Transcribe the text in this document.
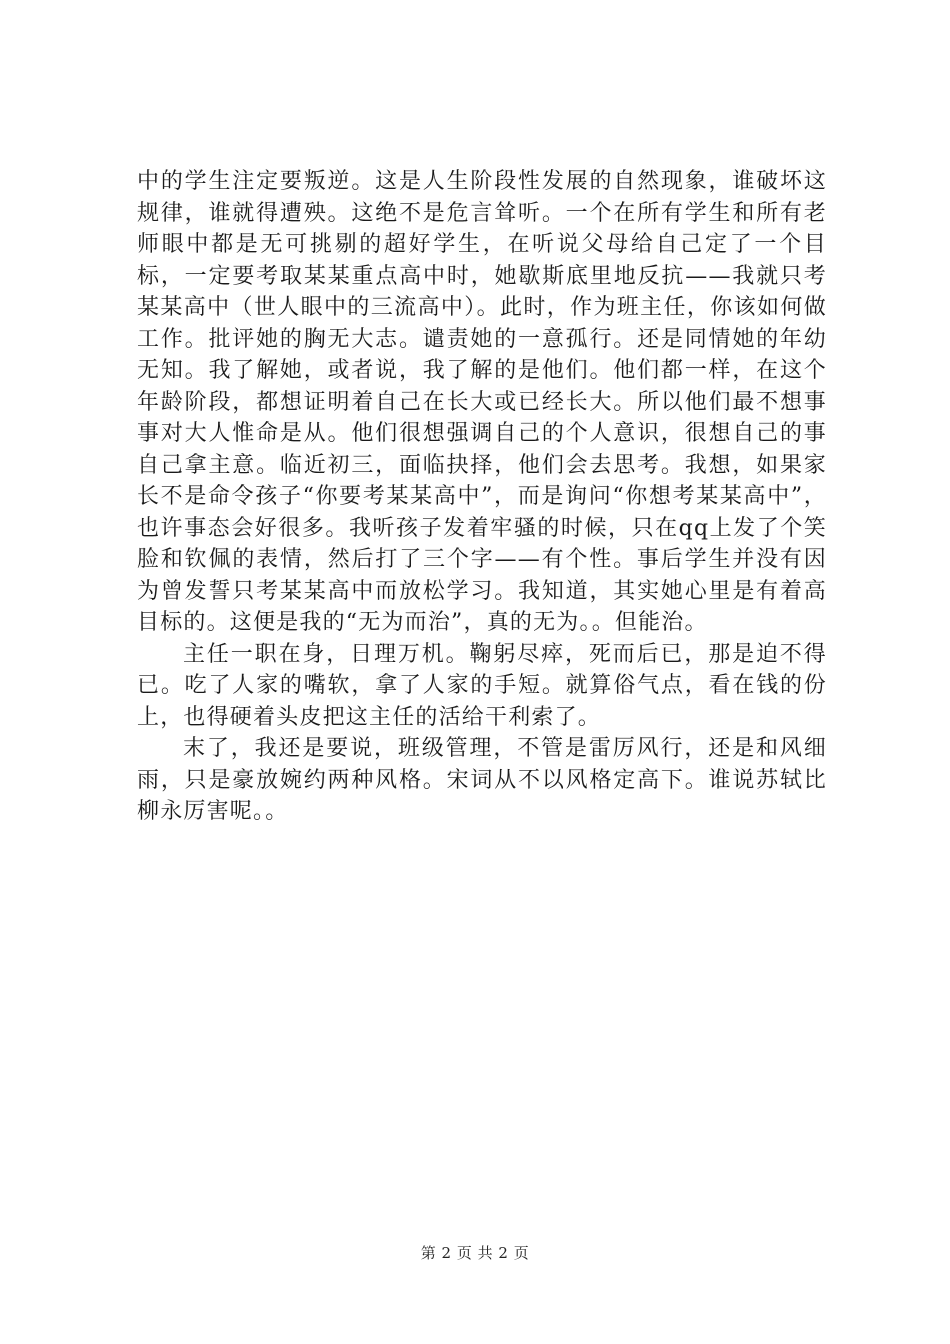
中的学生注定要叛逆。这是人生阶段性发展的自然现象，谁破坏这规律，谁就得遭殃。这绝不是危言耸听。一个在所有学生和所有老师眼中都是无可挑剔的超好学生，在听说父母给自己定了一个目标，一定要考取某某重点高中时，她歇斯底里地反抗——我就只考某某高中（世人眼中的三流高中）。此时，作为班主任，你该如何做工作。批评她的胸无大志。谴责她的一意孤行。还是同情她的年幼无知。我了解她，或者说，我了解的是他们。他们都一样，在这个年龄阶段，都想证明着自己在长大或已经长大。所以他们最不想事事对大人惟命是从。他们很想强调自己的个人意识，很想自己的事自己拿主意。临近初三，面临抉择，他们会去思考。我想，如果家长不是命令孩子“你要考某某高中”，而是询问“你想考某某高中”，也许事态会好很多。我听孩子发着牢骚的时候，只在qq上发了个笑脸和钦佩的表情，然后打了三个字——有个性。事后学生并没有因为曾发誓只考某某高中而放松学习。我知道，其实她心里是有着高目标的。这便是我的“无为而治”，真的无为。。但能治。

主任一职在身，日理万机。鞠躬尽瘁，死而后已，那是迫不得已。吃了人家的嘴软，拿了人家的手短。就算俗气点，看在钱的份上，也得硬着头皮把这主任的活给干利索了。

末了，我还是要说，班级管理，不管是雷厉风行，还是和风细雨，只是豪放婉约两种风格。宋词从不以风格定高下。谁说苏轼比柳永厉害呢。。

第 2 页 共 2 页
